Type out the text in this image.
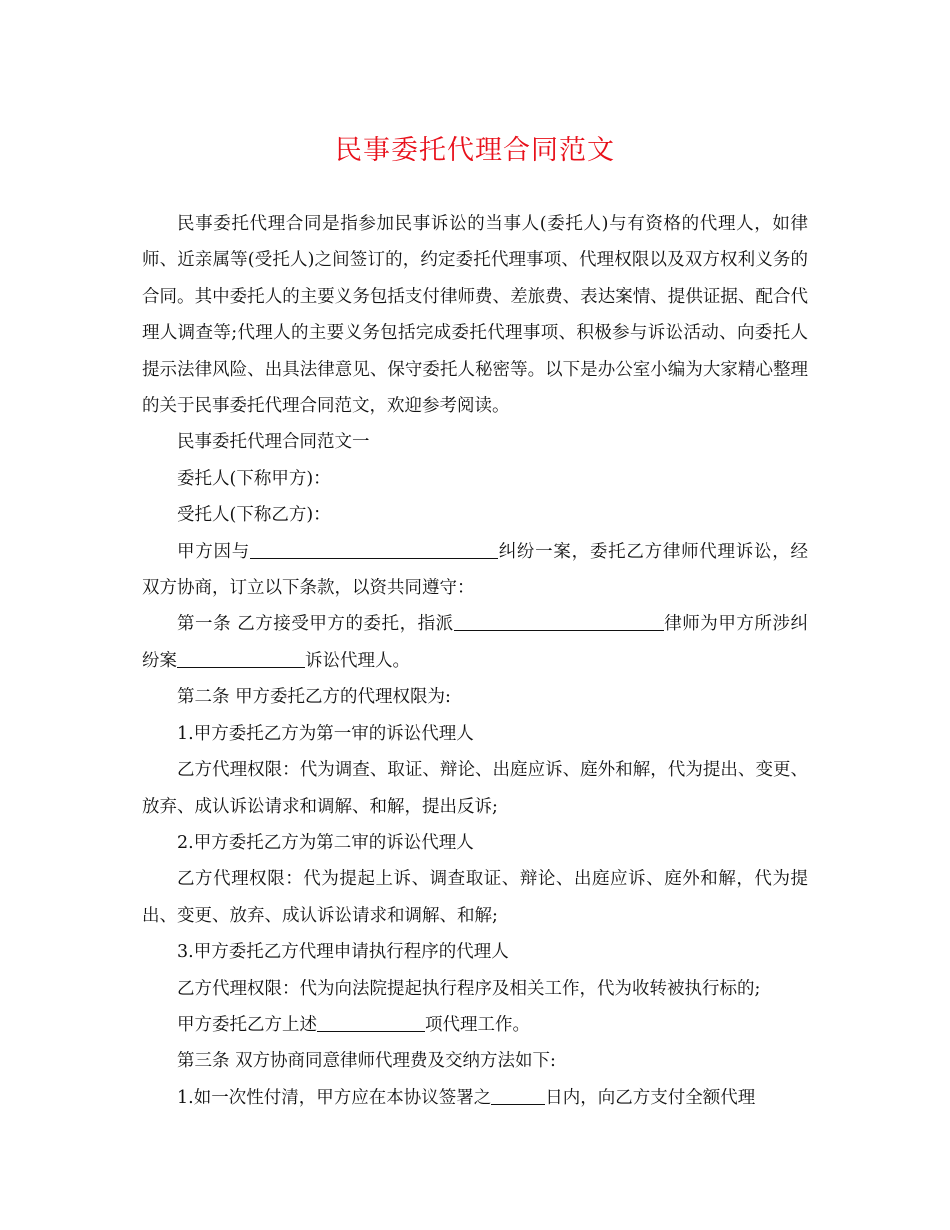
民事委托代理合同范文

民事委托代理合同是指参加民事诉讼的当事人(委托人)与有资格的代理人，如律师、近亲属等(受托人)之间签订的，约定委托代理事项、代理权限以及双方权利义务的合同。其中委托人的主要义务包括支付律师费、差旅费、表达案情、提供证据、配合代理人调查等;代理人的主要义务包括完成委托代理事项、积极参与诉讼活动、向委托人提示法律风险、出具法律意见、保守委托人秘密等。以下是办公室小编为大家精心整理的关于民事委托代理合同范文，欢迎参考阅读。

民事委托代理合同范文一

委托人(下称甲方)：

受托人(下称乙方)：

甲方因与	纠纷一案，委托乙方律师代理诉讼，经双方协商，订立以下条款，以资共同遵守：

第一条 乙方接受甲方的委托，指派	律师为甲方所涉纠纷案	诉讼代理人。

第二条 甲方委托乙方的代理权限为:

1.甲方委托乙方为第一审的诉讼代理人

乙方代理权限：代为调查、取证、辩论、出庭应诉、庭外和解，代为提出、变更、放弃、成认诉讼请求和调解、和解，提出反诉;

2.甲方委托乙方为第二审的诉讼代理人

乙方代理权限：代为提起上诉、调查取证、辩论、出庭应诉、庭外和解，代为提出、变更、放弃、成认诉讼请求和调解、和解;

3.甲方委托乙方代理申请执行程序的代理人

乙方代理权限：代为向法院提起执行程序及相关工作，代为收转被执行标的;

甲方委托乙方上述	项代理工作。

第三条 双方协商同意律师代理费及交纳方法如下:

1.如一次性付清，甲方应在本协议签署之	日内，向乙方支付全额代理
